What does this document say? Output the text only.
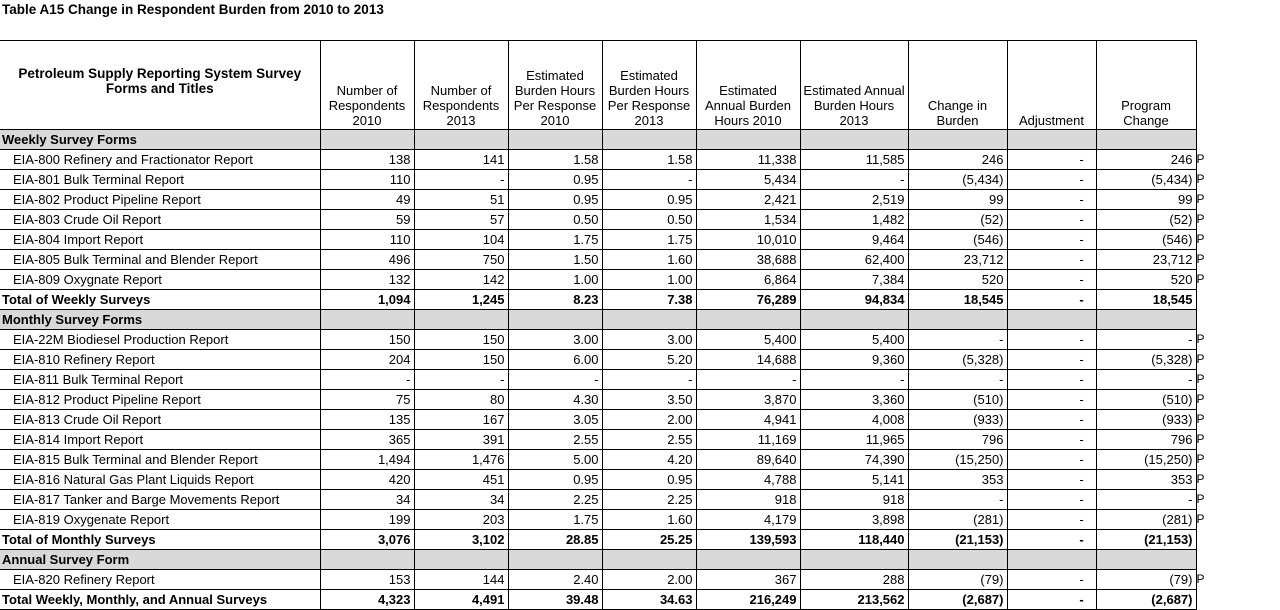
Table A15 Change in Respondent Burden from 2010 to 2013
Petroleum Supply Reporting System Survey Forms and Titles	Number of Respondents 2010	Number of Respondents 2013	Estimated Burden Hours Per Response 2010	Estimated Burden Hours Per Response 2013	Estimated Annual Burden Hours 2010	Estimated Annual Burden Hours 2013	Change in Burden	Adjustment	Program Change
Weekly Survey Forms									
EIA-800 Refinery and Fractionator Report	138	141	1.58	1.58	11,338	11,585	246	-	246 P

EIA-801 Bulk Terminal Report	110	-	0.95	-	5,434	-	(5,434)	-	(5,434) P

EIA-802 Product Pipeline Report	49	51	0.95	0.95	2,421	2,519	99	-	99 P

EIA-803 Crude Oil Report	59	57	0.50	0.50	1,534	1,482	(52)	-	(52) P

EIA-804 Import Report	110	104	1.75	1.75	10,010	9,464	(546)	-	(546) P

EIA-805 Bulk Terminal and Blender Report	496	750	1.50	1.60	38,688	62,400	23,712	-	23,712 P

EIA-809 Oxygnate Report	132	142	1.00	1.00	6,864	7,384	520	-	520 P

Total of Weekly Surveys	1,094	1,245	8.23	7.38	76,289	94,834	18,545	-	18,545
Monthly Survey Forms									
EIA-22M Biodiesel Production Report	150	150	3.00	3.00	5,400	5,400	-	-	- P

EIA-810 Refinery Report	204	150	6.00	5.20	14,688	9,360	(5,328)	-	(5,328) P

EIA-811 Bulk Terminal Report	-	-	-	-	-	-	-	-	- P

EIA-812 Product Pipeline Report	75	80	4.30	3.50	3,870	3,360	(510)	-	(510) P

EIA-813 Crude Oil Report	135	167	3.05	2.00	4,941	4,008	(933)	-	(933) P

EIA-814 Import Report	365	391	2.55	2.55	11,169	11,965	796	-	796 P

EIA-815 Bulk Terminal and Blender Report	1,494	1,476	5.00	4.20	89,640	74,390	(15,250)	-	(15,250) P

EIA-816 Natural Gas Plant Liquids Report	420	451	0.95	0.95	4,788	5,141	353	-	353 P

EIA-817 Tanker and Barge Movements Report	34	34	2.25	2.25	918	918	-	-	- P

EIA-819 Oxygenate Report	199	203	1.75	1.60	4,179	3,898	(281)	-	(281) P

Total of Monthly Surveys	3,076	3,102	28.85	25.25	139,593	118,440	(21,153)	-	(21,153)
Annual Survey Form									
EIA-820 Refinery Report	153	144	2.40	2.00	367	288	(79)	-	(79) P

Total Weekly, Monthly, and Annual Surveys	4,323	4,491	39.48	34.63	216,249	213,562	(2,687)	-	(2,687)
